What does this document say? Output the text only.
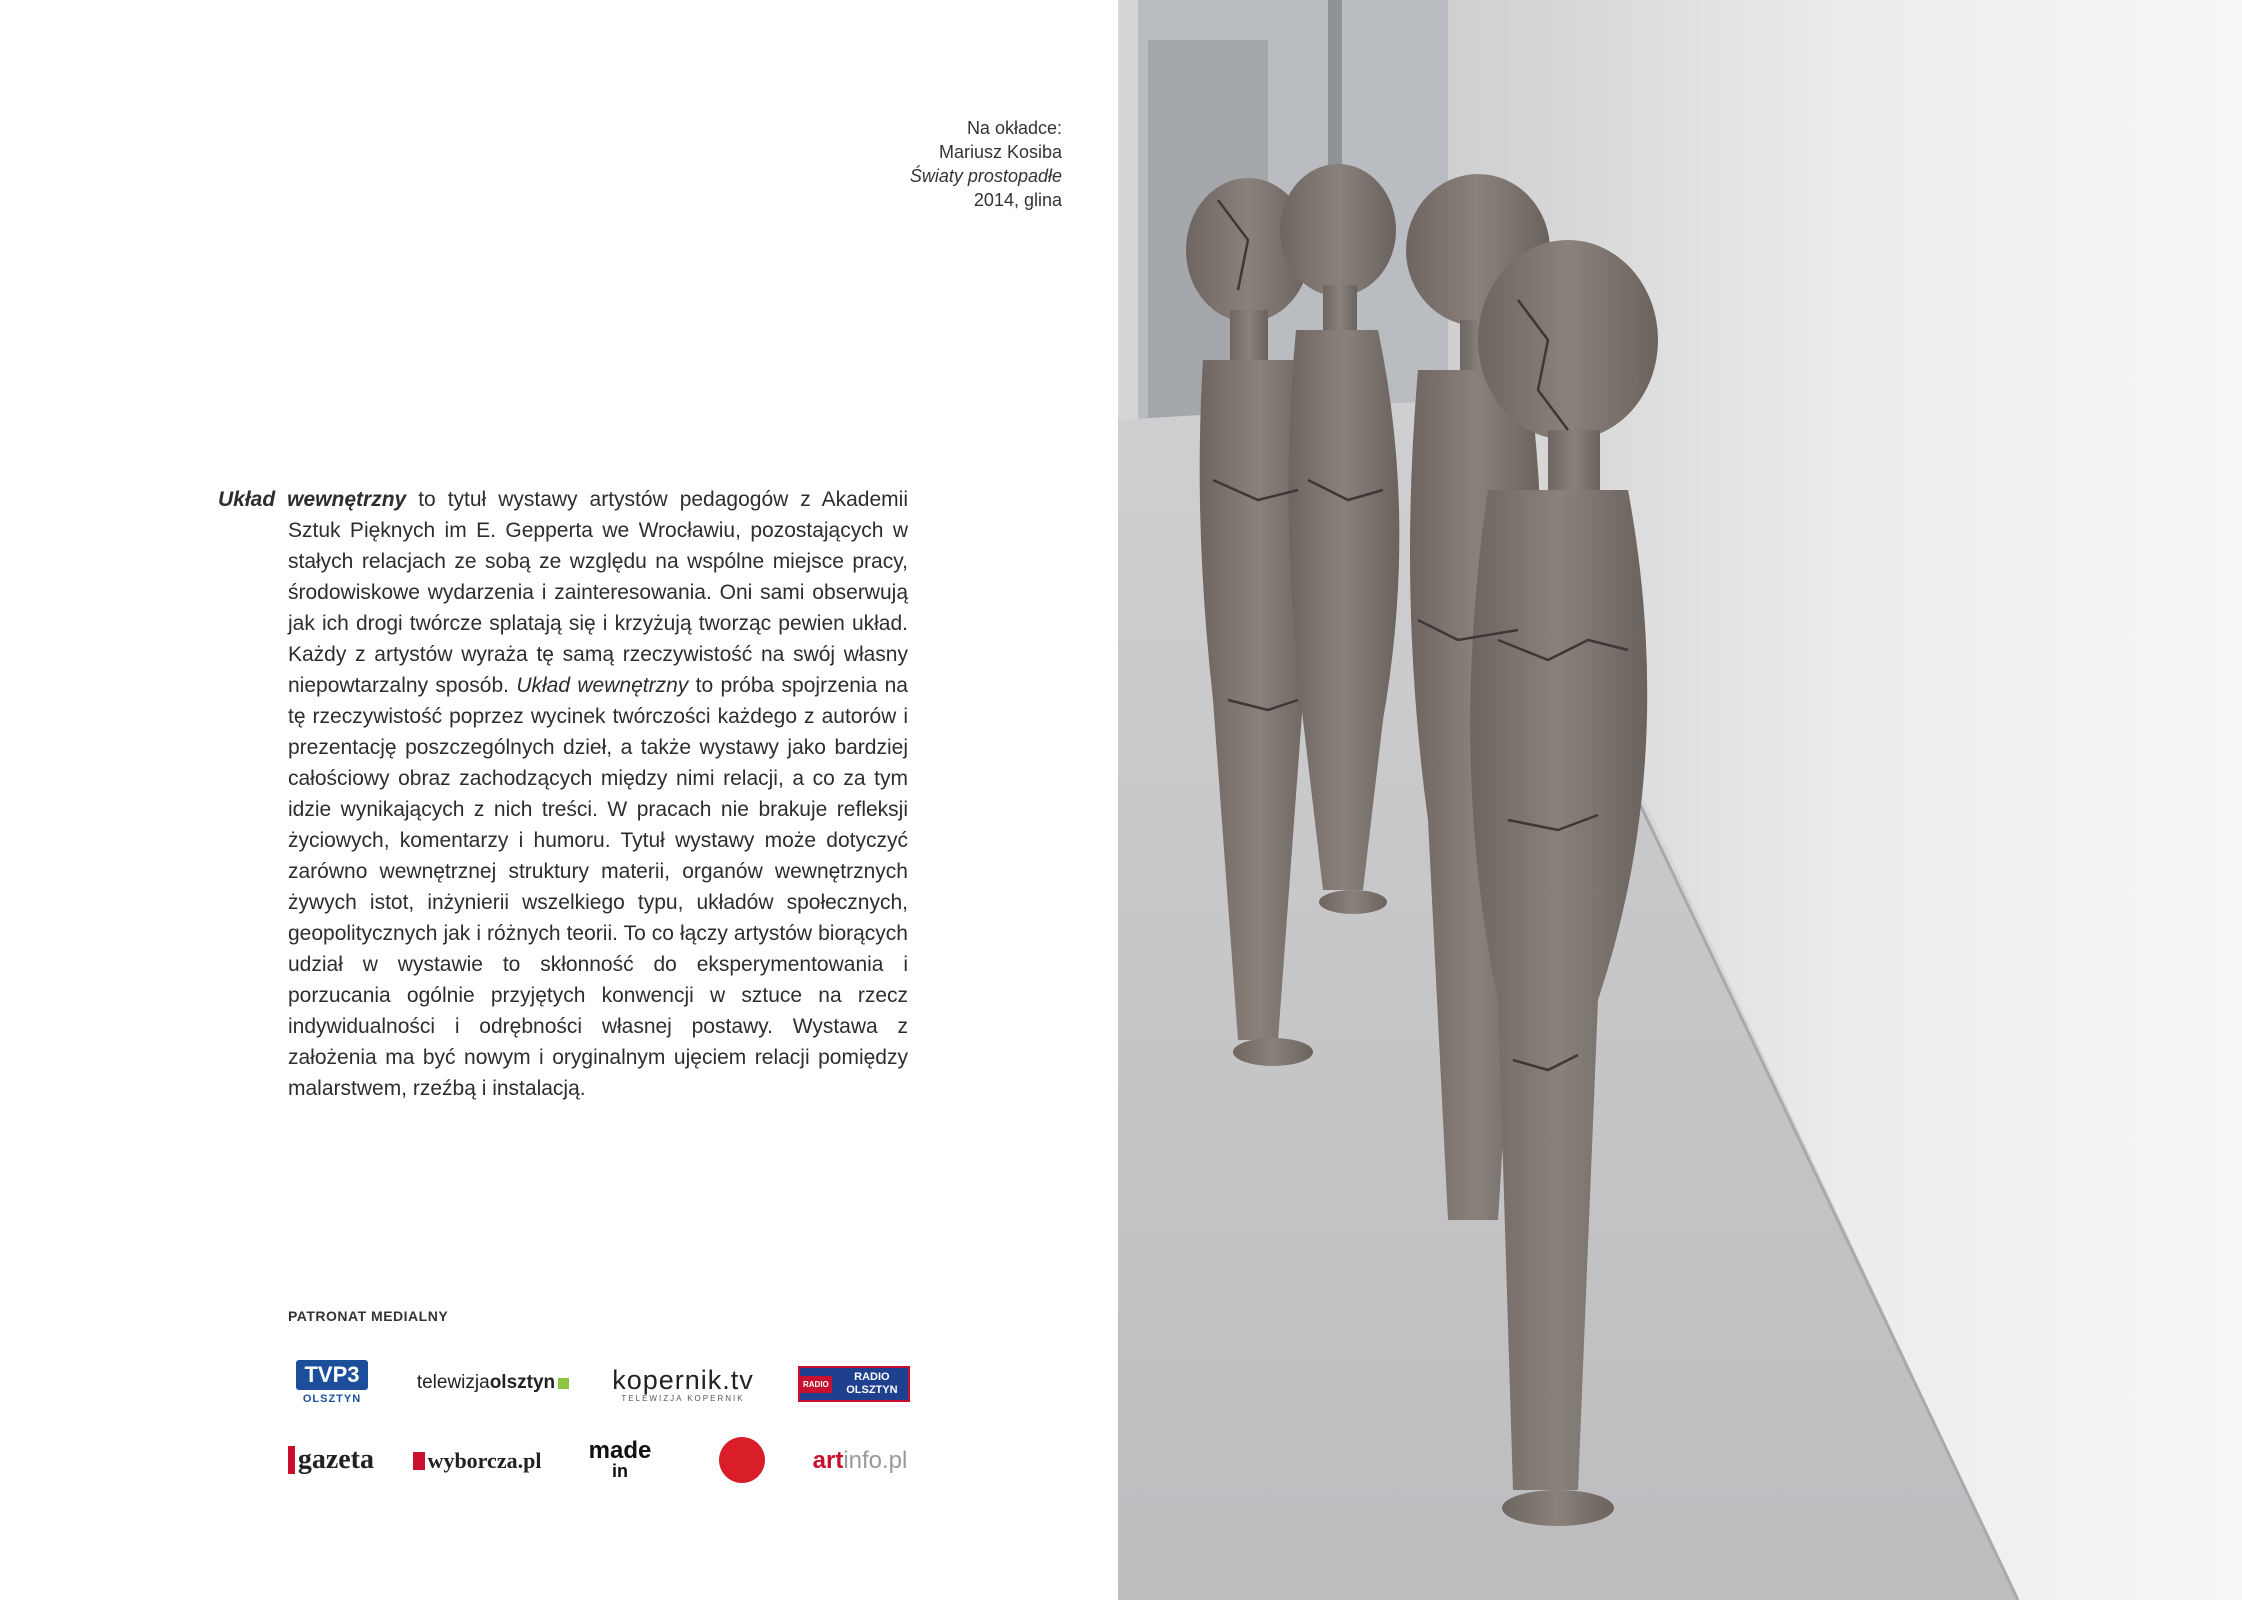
Na okładce:
Mariusz Kosiba
Światy prostopadłe
2014, glina

Układ wewnętrzny to tytuł wystawy artystów pedagogów z Akademii Sztuk Pięknych im E. Gepperta we Wrocławiu, pozostających w stałych relacjach ze sobą ze względu na wspólne miejsce pracy, środowiskowe wydarzenia i zainteresowania. Oni sami obserwują jak ich drogi twórcze splatają się i krzyżują tworząc pewien układ. Każdy z artystów wyraża tę samą rzeczywistość na swój własny niepowtarzalny sposób. Układ wewnętrzny to próba spojrzenia na tę rzeczywistość poprzez wycinek twórczości każdego z autorów i prezentację poszczególnych dzieł, a także wystawy jako bardziej całościowy obraz zachodzących między nimi relacji, a co za tym idzie wynikających z nich treści. W pracach nie brakuje refleksji życiowych, komentarzy i humoru. Tytuł wystawy może dotyczyć zarówno wewnętrznej struktury materii, organów wewnętrznych żywych istot, inżynierii wszelkiego typu, układów społecznych, geopolitycznych jak i różnych teorii. To co łączy artystów biorących udział w wystawie to skłonność do eksperymentowania i porzucania ogólnie przyjętych konwencji w sztuce na rzecz indywidualności i odrębności własnej postawy. Wystawa z założenia ma być nowym i oryginalnym ujęciem relacji pomiędzy malarstwem, rzeźbą i instalacją.

PATRONAT MEDIALNY
TVP3
OLSZTYN
telewizja olsztyn kopernik.tv
TELEWIZJA KOPERNIK
RADIO
RADIO OLSZTYN
gazeta wyborcza.pl made
in	art info.pl
